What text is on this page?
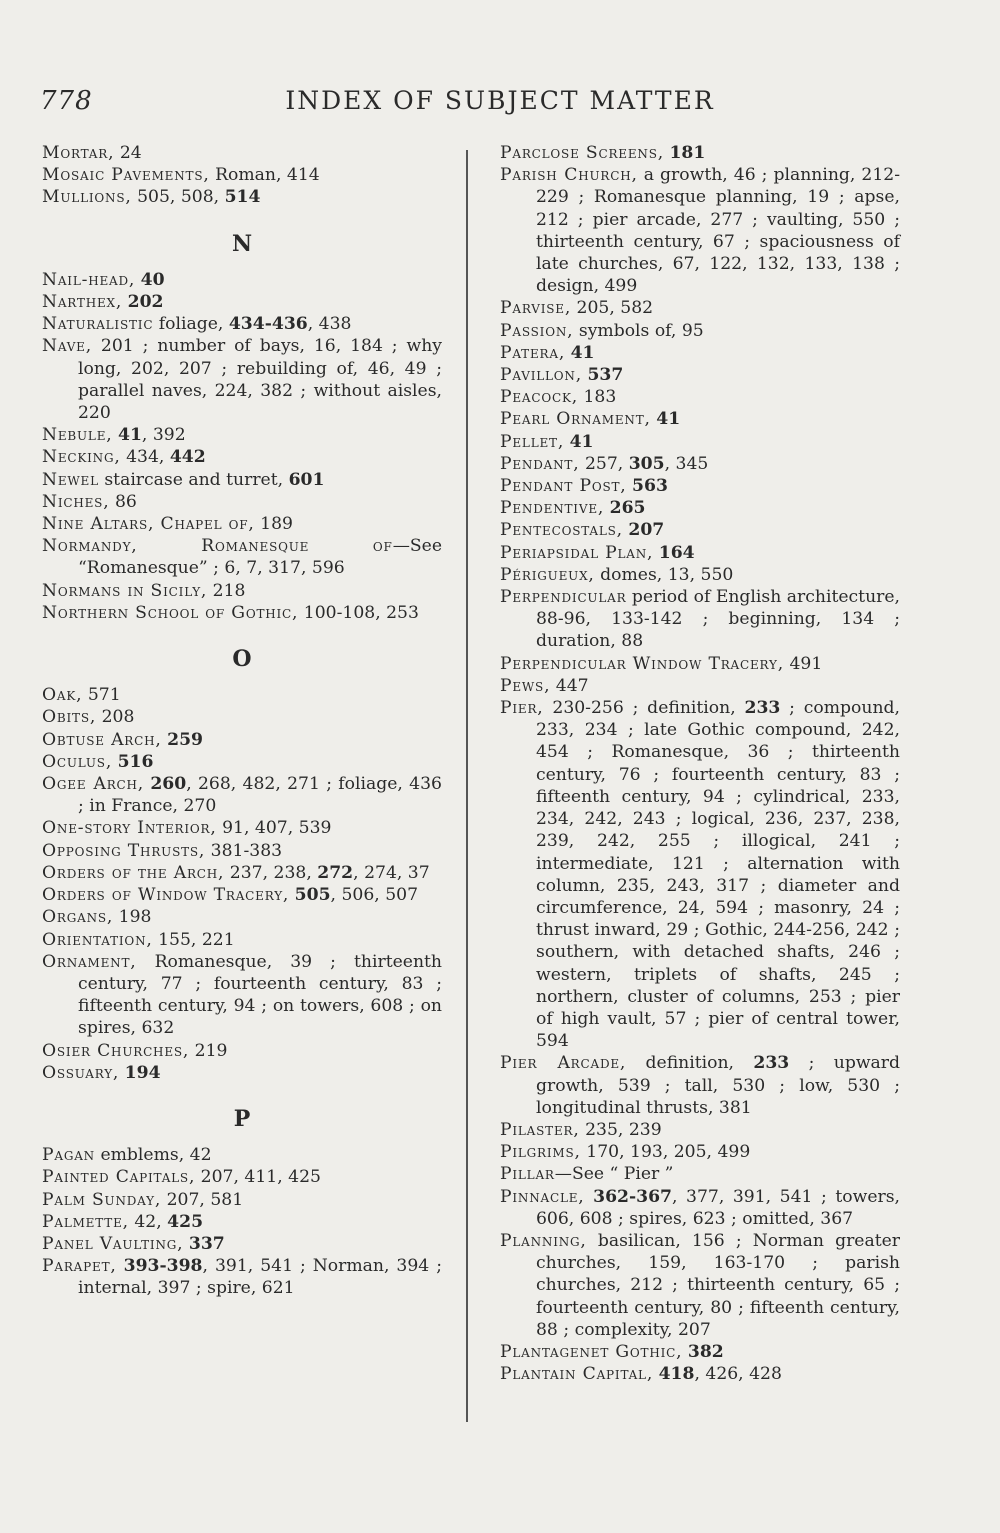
778	INDEX OF SUBJECT MATTER
Mortar, 24
Mosaic Pavements, Roman, 414
Mullions, 505, 508, 514
N
Nail-head, 40
Narthex, 202
Naturalistic foliage, 434-436, 438
Nave, 201 ; number of bays, 16, 184 ; why long, 202, 207 ; rebuilding of, 46, 49 ; parallel naves, 224, 382 ; without aisles, 220
Nebule, 41, 392
Necking, 434, 442
Newel staircase and turret, 601
Niches, 86
Nine Altars, Chapel of, 189
Normandy, Romanesque of—See “Romanesque” ; 6, 7, 317, 596
Normans in Sicily, 218
Northern School of Gothic, 100-108, 253
O
Oak, 571
Obits, 208
Obtuse Arch, 259
Oculus, 516
Ogee Arch, 260, 268, 482, 271 ; foliage, 436 ; in France, 270
One-story Interior, 91, 407, 539
Opposing Thrusts, 381-383
Orders of the Arch, 237, 238, 272, 274, 37
Orders of Window Tracery, 505, 506, 507
Organs, 198
Orientation, 155, 221
Ornament, Romanesque, 39 ; thirteenth century, 77 ; fourteenth century, 83 ; fifteenth century, 94 ; on towers, 608 ; on spires, 632
Osier Churches, 219
Ossuary, 194
P
Pagan emblems, 42
Painted Capitals, 207, 411, 425
Palm Sunday, 207, 581
Palmette, 42, 425
Panel Vaulting, 337
Parapet, 393-398, 391, 541 ; Norman, 394 ; internal, 397 ; spire, 621
Parclose Screens, 181
Parish Church, a growth, 46 ; planning, 212-229 ; Romanesque planning, 19 ; apse, 212 ; pier arcade, 277 ; vaulting, 550 ; thirteenth century, 67 ; spaciousness of late churches, 67, 122, 132, 133, 138 ; design, 499
Parvise, 205, 582
Passion, symbols of, 95
Patera, 41
Pavillon, 537
Peacock, 183
Pearl Ornament, 41
Pellet, 41
Pendant, 257, 305, 345
Pendant Post, 563
Pendentive, 265
Pentecostals, 207
Periapsidal Plan, 164
Périgueux, domes, 13, 550
Perpendicular period of English architecture, 88-96, 133-142 ; beginning, 134 ; duration, 88
Perpendicular Window Tracery, 491
Pews, 447
Pier, 230-256 ; definition, 233 ; compound, 233, 234 ; late Gothic compound, 242, 454 ; Romanesque, 36 ; thirteenth century, 76 ; fourteenth century, 83 ; fifteenth century, 94 ; cylindrical, 233, 234, 242, 243 ; logical, 236, 237, 238, 239, 242, 255 ; illogical, 241 ; intermediate, 121 ; alternation with column, 235, 243, 317 ; diameter and circumference, 24, 594 ; masonry, 24 ; thrust inward, 29 ; Gothic, 244-256, 242 ; southern, with detached shafts, 246 ; western, triplets of shafts, 245 ; northern, cluster of columns, 253 ; pier of high vault, 57 ; pier of central tower, 594
Pier Arcade, definition, 233 ; upward growth, 539 ; tall, 530 ; low, 530 ; longitudinal thrusts, 381
Pilaster, 235, 239
Pilgrims, 170, 193, 205, 499
Pillar—See “ Pier ”
Pinnacle, 362-367, 377, 391, 541 ; towers, 606, 608 ; spires, 623 ; omitted, 367
Planning, basilican, 156 ; Norman greater churches, 159, 163-170 ; parish churches, 212 ; thirteenth century, 65 ; fourteenth century, 80 ; fifteenth century, 88 ; complexity, 207
Plantagenet Gothic, 382
Plantain Capital, 418, 426, 428
